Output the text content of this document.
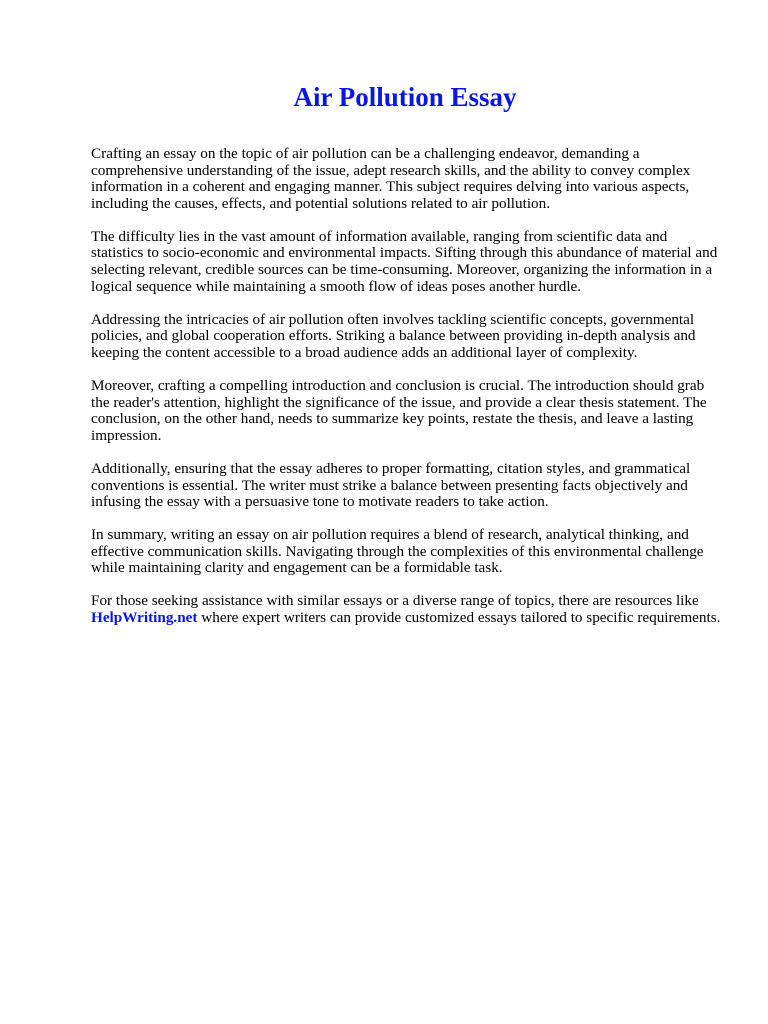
Air Pollution Essay

Crafting an essay on the topic of air pollution can be a challenging endeavor, demanding a comprehensive understanding of the issue, adept research skills, and the ability to convey complex information in a coherent and engaging manner. This subject requires delving into various aspects, including the causes, effects, and potential solutions related to air pollution.

The difficulty lies in the vast amount of information available, ranging from scientific data and statistics to socio-economic and environmental impacts. Sifting through this abundance of material and selecting relevant, credible sources can be time-consuming. Moreover, organizing the information in a logical sequence while maintaining a smooth flow of ideas poses another hurdle.

Addressing the intricacies of air pollution often involves tackling scientific concepts, governmental policies, and global cooperation efforts. Striking a balance between providing in-depth analysis and keeping the content accessible to a broad audience adds an additional layer of complexity.

Moreover, crafting a compelling introduction and conclusion is crucial. The introduction should grab the reader's attention, highlight the significance of the issue, and provide a clear thesis statement. The conclusion, on the other hand, needs to summarize key points, restate the thesis, and leave a lasting impression.

Additionally, ensuring that the essay adheres to proper formatting, citation styles, and grammatical conventions is essential. The writer must strike a balance between presenting facts objectively and infusing the essay with a persuasive tone to motivate readers to take action.

In summary, writing an essay on air pollution requires a blend of research, analytical thinking, and effective communication skills. Navigating through the complexities of this environmental challenge while maintaining clarity and engagement can be a formidable task.

For those seeking assistance with similar essays or a diverse range of topics, there are resources like HelpWriting.net where expert writers can provide customized essays tailored to specific requirements.
